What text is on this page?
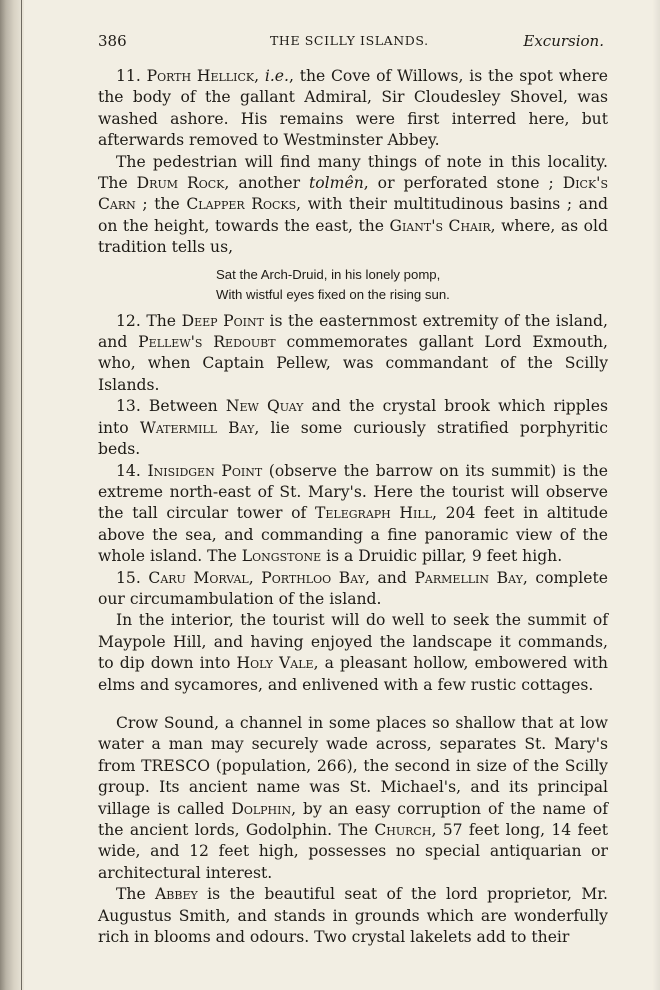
386	THE SCILLY ISLANDS.	Excursion.

11. Porth Hellick, i.e., the Cove of Willows, is the spot where the body of the gallant Admiral, Sir Cloudesley Shovel, was washed ashore. His remains were first interred here, but afterwards removed to Westminster Abbey.

The pedestrian will find many things of note in this locality. The Drum Rock, another tolmên, or perforated stone ; Dick's Carn ; the Clapper Rocks, with their multitudinous basins ; and on the height, towards the east, the Giant's Chair, where, as old tradition tells us,

Sat the Arch-Druid, in his lonely pomp,
With wistful eyes fixed on the rising sun.

12. The Deep Point is the easternmost extremity of the island, and Pellew's Redoubt commemorates gallant Lord Exmouth, who, when Captain Pellew, was commandant of the Scilly Islands.

13. Between New Quay and the crystal brook which ripples into Watermill Bay, lie some curiously stratified porphyritic beds.

14. Inisidgen Point (observe the barrow on its summit) is the extreme north-east of St. Mary's. Here the tourist will observe the tall circular tower of Telegraph Hill, 204 feet in altitude above the sea, and commanding a fine panoramic view of the whole island. The Longstone is a Druidic pillar, 9 feet high.

15. Caru Morval, Porthloo Bay, and Parmellin Bay, complete our circumambulation of the island.

In the interior, the tourist will do well to seek the summit of Maypole Hill, and having enjoyed the landscape it commands, to dip down into Holy Vale, a pleasant hollow, embowered with elms and sycamores, and enlivened with a few rustic cottages.

Crow Sound, a channel in some places so shallow that at low water a man may securely wade across, separates St. Mary's from TRESCO (population, 266), the second in size of the Scilly group. Its ancient name was St. Michael's, and its principal village is called Dolphin, by an easy corruption of the name of the ancient lords, Godolphin. The Church, 57 feet long, 14 feet wide, and 12 feet high, possesses no special antiquarian or architectural interest.

The Abbey is the beautiful seat of the lord proprietor, Mr. Augustus Smith, and stands in grounds which are wonderfully rich in blooms and odours. Two crystal lakelets add to their
